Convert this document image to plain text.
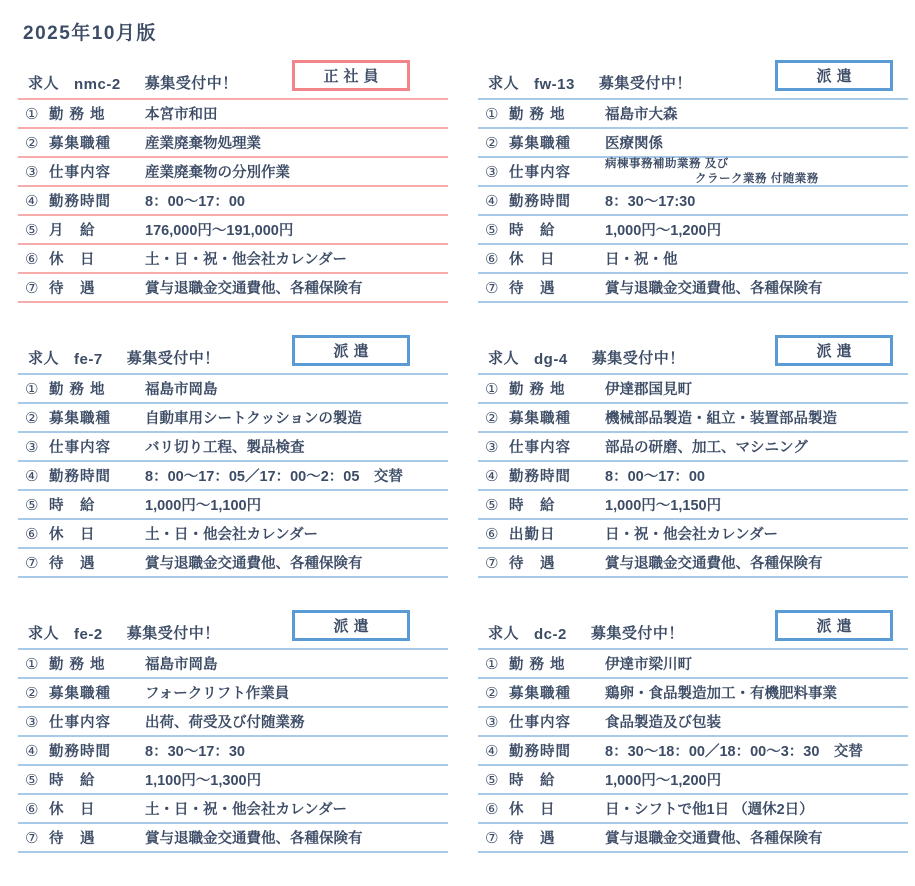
2025年10月版
正社員
求人 nmc-2 募集受付中！
① 勤 務 地	本宮市和田
② 募集職種	産業廃棄物処理業
③ 仕事内容	産業廃棄物の分別作業
④ 勤務時間	8：00～17：00
⑤ 月　給	176,000円～191,000円
⑥ 休　日	土・日・祝・他会社カレンダー
⑦ 待　遇	賞与退職金交通費他、各種保険有
派遣
求人 fw-13 募集受付中！
① 勤 務 地	福島市大森
② 募集職種	医療関係
③ 仕事内容
病棟事務補助業務 及び
クラーク業務 付随業務
④ 勤務時間	8：30～17:30
⑤ 時　給	1,000円～1,200円
⑥ 休　日	日・祝・他
⑦ 待　遇	賞与退職金交通費他、各種保険有
派遣
求人 fe-7 募集受付中！
① 勤 務 地	福島市岡島
② 募集職種	自動車用シートクッションの製造
③ 仕事内容	バリ切り工程、製品検査
④ 勤務時間	8：00～17：05／17：00～2：05　交替
⑤ 時　給	1,000円～1,100円
⑥ 休　日	土・日・他会社カレンダー
⑦ 待　遇	賞与退職金交通費他、各種保険有
派遣
求人 dg-4 募集受付中！
① 勤 務 地	伊達郡国見町
② 募集職種	機械部品製造・組立・装置部品製造
③ 仕事内容	部品の研磨、加工、マシニング
④ 勤務時間	8：00～17：00
⑤ 時　給	1,000円～1,150円
⑥ 出勤日	日・祝・他会社カレンダー
⑦ 待　遇	賞与退職金交通費他、各種保険有
派遣
求人 fe-2 募集受付中！
① 勤 務 地	福島市岡島
② 募集職種	フォークリフト作業員
③ 仕事内容	出荷、荷受及び付随業務
④ 勤務時間	8：30～17：30
⑤ 時　給	1,100円～1,300円
⑥ 休　日	土・日・祝・他会社カレンダー
⑦ 待　遇	賞与退職金交通費他、各種保険有
派遣
求人 dc-2 募集受付中！
① 勤 務 地	伊達市梁川町
② 募集職種	鶏卵・食品製造加工・有機肥料事業
③ 仕事内容	食品製造及び包装
④ 勤務時間	8：30～18：00／18：00～3：30　交替
⑤ 時　給	1,000円～1,200円
⑥ 休　日	日・シフトで他1日 （週休2日）
⑦ 待　遇	賞与退職金交通費他、各種保険有
